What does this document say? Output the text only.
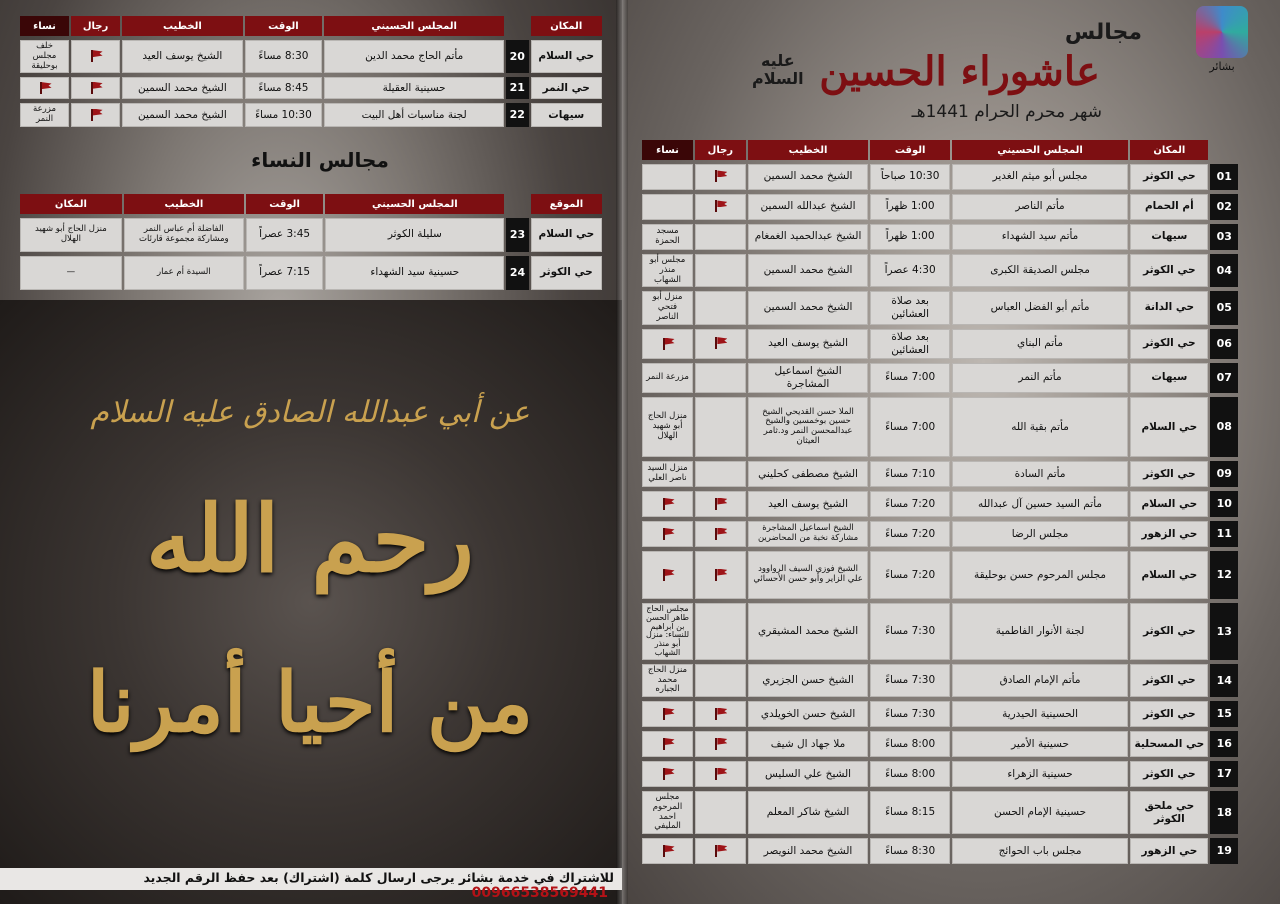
بشائر
مجالس
عاشوراء الحسين
عليه
السلام
شهر محرم الحرام 1441هـ
	المكان	المجلس الحسيني	الوقت	الخطيب	رجال	نساء
01	حي الكوثر	مجلس أبو ميثم الغدير	10:30 صباحاً	الشيخ محمد السمين		
02	أم الحمام	مأتم الناصر	1:00 ظهراً	الشيخ عبدالله السمين		
03	سيهات	مأتم سيد الشهداء	1:00 ظهراً	الشيخ عبدالحميد الغمغام		مسجد الحمزة
04	حي الكوثر	مجلس الصديقة الكبرى	4:30 عصراً	الشيخ محمد السمين		مجلس أبو منذر الشهاب
05	حي الدانة	مأتم أبو الفضل العباس	بعد صلاة العشائين	الشيخ محمد السمين		منزل أبو فتحي الناصر
06	حي الكوثر	مأتم البناي	بعد صلاة العشائين	الشيخ يوسف العيد		
07	سيهات	مأتم النمر	7:00 مساءً	الشيخ اسماعيل المشاجرة		مزرعة النمر
08	حي السلام	مأتم بقية الله	7:00 مساءً	الملا حسن القديحي الشيخ حسين بوخمسين والشيخ عبدالمحسن النمر ود.ثامر العيثان		منزل الحاج أبو شهيد الهلال
09	حي الكوثر	مأتم السادة	7:10 مساءً	الشيخ مصطفى كحليني		منزل السيد ناصر العلي
10	حي السلام	مأتم السيد حسين آل عبدالله	7:20 مساءً	الشيخ يوسف العيد		
11	حي الزهور	مجلس الرضا	7:20 مساءً	الشيخ اسماعيل المشاجرة مشاركة نخبة من المحاضرين		
12	حي السلام	مجلس المرحوم حسن بوحليقة	7:20 مساءً	الشيخ فوزي السيف الرواوود علي الزاير وأبو حسن الأحسائي		
13	حي الكوثر	لجنة الأنوار الفاطمية	7:30 مساءً	الشيخ محمد المشيقري		مجلس الحاج طاهر الحسن بن ابراهيم للنساء: منزل أبو منذر الشهاب
14	حي الكوثر	مأتم الإمام الصادق	7:30 مساءً	الشيخ حسن الجزيري		منزل الحاج محمد الجباره
15	حي الكوثر	الحسينية الحيدرية	7:30 مساءً	الشيخ حسن الخويلدي		
16	حي المسحلية	حسينية الأمير	8:00 مساءً	ملا جهاد ال شيف		
17	حي الكوثر	حسينية الزهراء	8:00 مساءً	الشيخ علي السليس		
18	حي ملحق الكوثر	حسينية الإمام الحسن	8:15 مساءً	الشيخ شاكر المعلم		مجلس المرحوم احمد المليفي
19	حي الزهور	مجلس باب الحوائج	8:30 مساءً	الشيخ محمد النويصر		
المكان		المجلس الحسيني	الوقت	الخطيب	رجال	نساء
حي السلام	20	مأتم الحاج محمد الدين	8:30 مساءً	الشيخ يوسف العيد		خلف مجلس بوحليقة
حي النمر	21	حسينية العقيلة	8:45 مساءً	الشيخ محمد السمين		
سيهات	22	لجنة مناسبات أهل البيت	10:30 مساءً	الشيخ محمد السمين		مزرعة النمر
مجالس النساء
الموقع		المجلس الحسيني	الوقت	الخطيب	المكان
حي السلام	23	سليلة الكوثر	3:45 عصراً	الفاضلة أم عباس النمر ومشاركة مجموعة قارئات	منزل الحاج أبو شهيد الهلال
حي الكوثر	24	حسينية سيد الشهداء	7:15 عصراً	السيدة أم عمار	—
عن أبي عبدالله الصادق عليه السلام
رحم الله
من أحيا أمرنا
للاشتراك في خدمة بشائر يرجى ارسال كلمة (اشتراك) بعد حفظ الرقم الجديد 00966538569441
